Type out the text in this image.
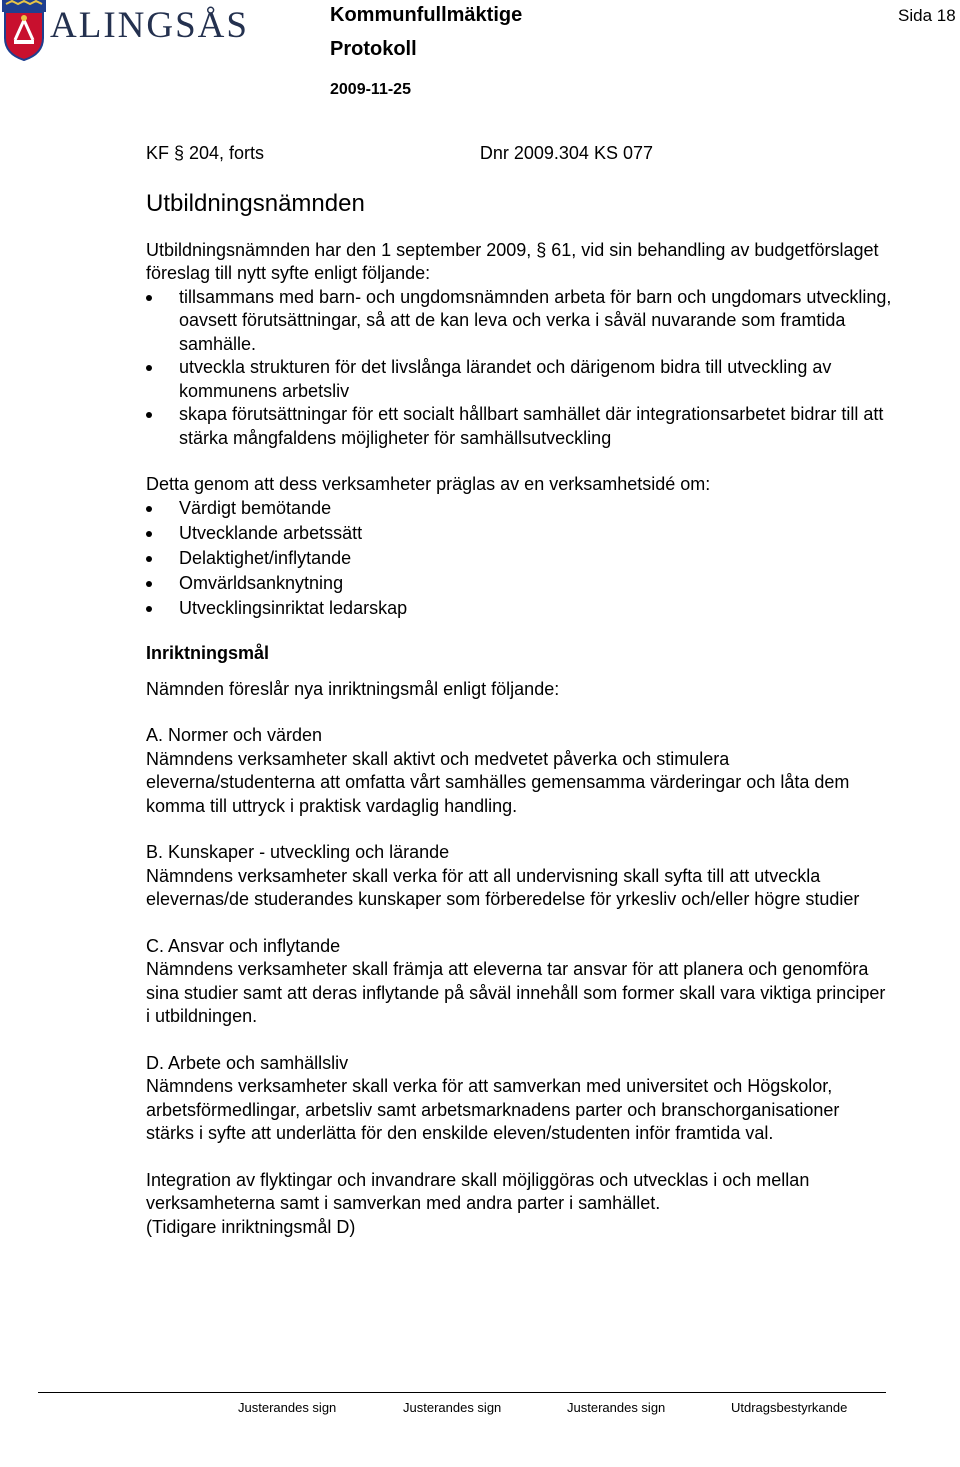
ALINGSÅS	Kommunfullmäktige
Protokoll
2009-11-25
Sida 18
KF § 204, forts	Dnr 2009.304 KS 077
Utbildningsnämnden

Utbildningsnämnden har den 1 september 2009, § 61, vid sin behandling av budgetförslaget föreslag till nytt syfte enligt följande:

tillsammans med barn- och ungdomsnämnden arbeta för barn och ungdomars utveckling, oavsett förutsättningar, så att de kan leva och verka i såväl nuvarande som framtida samhälle.
utveckla strukturen för det livslånga lärandet och därigenom bidra till utveckling av kommunens arbetsliv
skapa förutsättningar för ett socialt hållbart samhället där integrationsarbetet bidrar till att stärka mångfaldens möjligheter för samhällsutveckling

Detta genom att dess verksamheter präglas av en verksamhetsidé om:

Värdigt bemötande
Utvecklande arbetssätt
Delaktighet/inflytande
Omvärldsanknytning
Utvecklingsinriktat ledarskap
Inriktningsmål

Nämnden föreslår nya inriktningsmål enligt följande:

A. Normer och värden

Nämndens verksamheter skall aktivt och medvetet påverka och stimulera eleverna/studenterna att omfatta vårt samhälles gemensamma värderingar och låta dem komma till uttryck i praktisk vardaglig handling.

B. Kunskaper - utveckling och lärande

Nämndens verksamheter skall verka för att all undervisning skall syfta till att utveckla elevernas/de studerandes kunskaper som förberedelse för yrkesliv och/eller högre studier

C. Ansvar och inflytande

Nämndens verksamheter skall främja att eleverna tar ansvar för att planera och genomföra sina studier samt att deras inflytande på såväl innehåll som former skall vara viktiga principer i utbildningen.

D. Arbete och samhällsliv

Nämndens verksamheter skall verka för att samverkan med universitet och Högskolor, arbetsförmedlingar, arbetsliv samt arbetsmarknadens parter och branschorganisationer stärks i syfte att underlätta för den enskilde eleven/studenten inför framtida val.

Integration av flyktingar och invandrare skall möjliggöras och utvecklas i och mellan verksamheterna samt i samverkan med andra parter i samhället.

(Tidigare inriktningsmål D)

Justerandes sign	Justerandes sign	Justerandes sign	Utdragsbestyrkande
